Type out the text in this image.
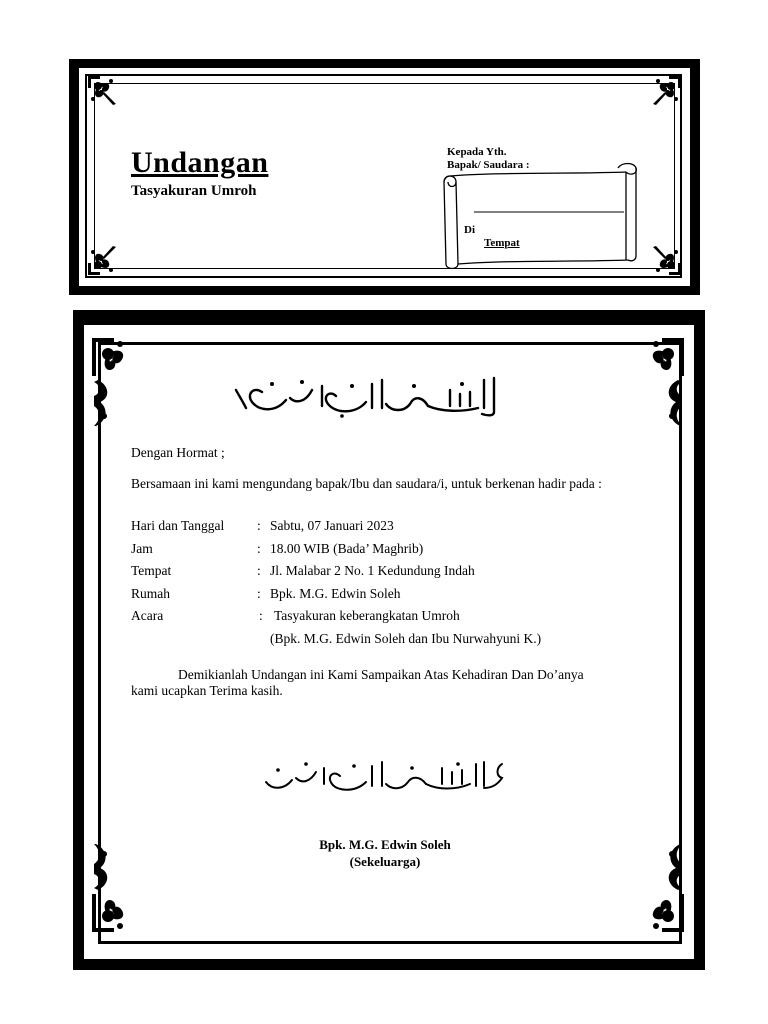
Undangan
Tasyakuran Umroh
Kepada Yth.
Bapak/ Saudara :
Di
Tempat
Dengan Hormat ;
Bersamaan ini kami mengundang bapak/Ibu dan saudara/i, untuk berkenan hadir pada :
Hari dan Tanggal : Sabtu, 07 Januari 2023
Jam	: 18.00 WIB (Bada’ Maghrib)
Tempat	: Jl. Malabar 2 No. 1 Kedundung Indah
Rumah	: Bpk. M.G. Edwin Soleh
Acara	: Tasyakuran keberangkatan Umroh
(Bpk. M.G. Edwin Soleh dan Ibu Nurwahyuni K.)
Demikianlah Undangan ini Kami Sampaikan Atas Kehadiran Dan Do’anya kami ucapkan Terima kasih.
Bpk. M.G. Edwin Soleh
(Sekeluarga)
